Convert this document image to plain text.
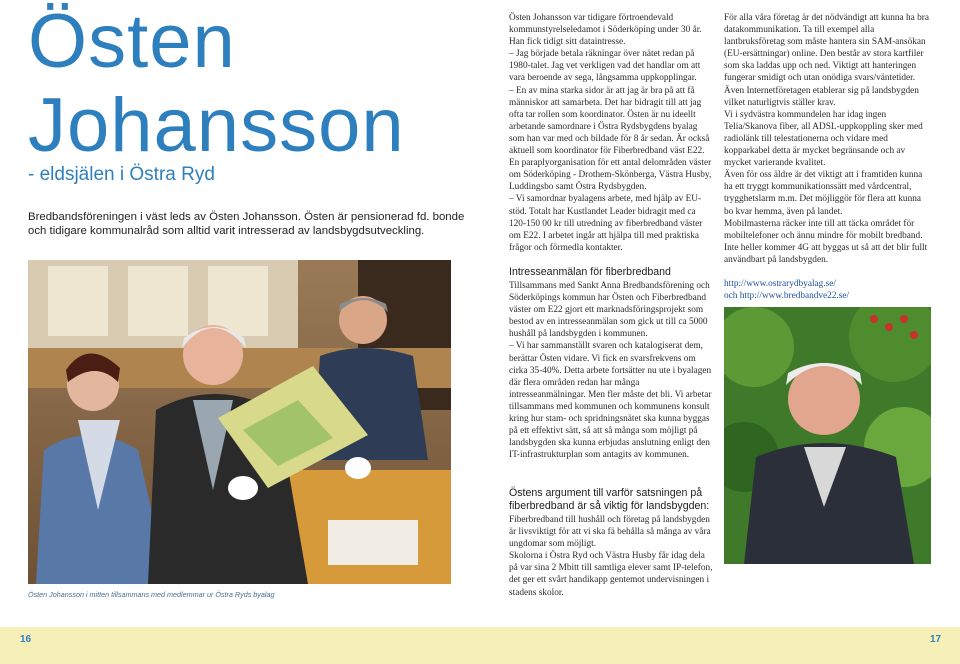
Östen
Johansson
- eldsjälen i Östra Ryd
Bredbandsföreningen i väst leds av Östen Johansson. Östen är pensionerad fd. bonde och tidigare kommunalråd som alltid varit intresserad av landsbygdsutveckling.
Östen Johansson i mitten tillsammans med medlemmar ur Östra Ryds byalag

Östen Johansson var tidigare förtroendevald kommunstyrelseledamot i Söderköping under 30 år. Han fick tidigt sitt dataintresse.

– Jag började betala räkningar över nätet redan på 1980-talet. Jag vet verkligen vad det handlar om att vara beroende av sega, långsamma uppkopplingar.

– En av mina starka sidor är att jag är bra på att få människor att samarbeta. Det har bidragit till att jag ofta tar rollen som koordinator. Östen är nu ideellt arbetande samordnare i Östra Rydsbygdens byalag som han var med och bildade för 8 år sedan. Är också aktuell som koordinator för Fiberbredband väst E22. En paraplyorganisation för ett antal delområden väster om Söderköping - Drothem-Skönberga, Västra Husby, Luddingsbo samt Östra Rydsbygden.

– Vi samordnar byalagens arbete, med hjälp av EU-stöd. Totalt har Kustlandet Leader bidragit med ca 120-150 00 kr till utredning av fiberbredband väster om E22. I arbetet ingår att hjälpa till med praktiska frågor och förmedla kontakter.

Intresseanmälan för fiberbredband

Tillsammans med Sankt Anna Bredbandsförening och Söderköpings kommun har Östen och Fiberbredband väster om E22 gjort ett marknadsföringsprojekt som bestod av en intresseanmälan som gick ut till ca 5000 hushåll på landsbygden i kommunen.

– Vi har sammanställt svaren och katalogiserat dem, berättar Östen vidare. Vi fick en svarsfrekvens om cirka 35-40%. Detta arbete fortsätter nu ute i byalagen där flera områden redan har många intresseanmälningar. Men fler måste det bli. Vi arbetar tillsammans med kommunen och kommunens konsult kring hur stam- och spridningsnätet ska kunna byggas på ett effektivt sätt, så att så många som möjligt på landsbygden ska kunna erbjudas anslutning enligt den IT-infrastrukturplan som antagits av kommunen.

Östens argument till varför satsningen på fiberbredband är så viktig för landsbygden:

Fiberbredband till hushåll och företag på landsbygden är livsviktigt för att vi ska fä behålla så många av våra ungdomar som möjligt.

Skolorna i Östra Ryd och Västra Husby får idag dela på var sina 2 Mbitt till samtliga elever samt IP-telefon, det ger ett svårt handikapp gentemot undervisningen i stadens skolor.

För alla våra företag är det nödvändigt att kunna ha bra datakommunikation. Ta till exempel alla lantbruksföretag som måste hantera sin SAM-ansökan (EU-ersättningar) online. Den består av stora kartfiler som ska laddas upp och ned. Viktigt att hanteringen fungerar smidigt och utan onödiga svars/väntetider. Även Internetföretagen etablerar sig på landsbygden vilket naturligtvis ställer krav.

Vi i sydvästra kommundelen har idag ingen Telia/Skanova fiber, all ADSL-uppkoppling sker med radiolänk till telestationerna och vidare med kopparkabel detta är mycket begränsande och av mycket varierande kvalitet.

Även för oss äldre är det viktigt att i framtiden kunna ha ett tryggt kommunikationssätt med vårdcentral, trygghetslarm m.m. Det möjliggör för flera att kunna bo kvar hemma, även på landet.

Mobilmasterna räcker inte till att täcka området för mobiltelefoner och ännu mindre för mobilt bredband. Inte heller kommer 4G att byggas ut så att det blir fullt användbart på landsbygden.

http://www.ostrarydbyalag.se/
och http://www.bredbandve22.se/
16	17
